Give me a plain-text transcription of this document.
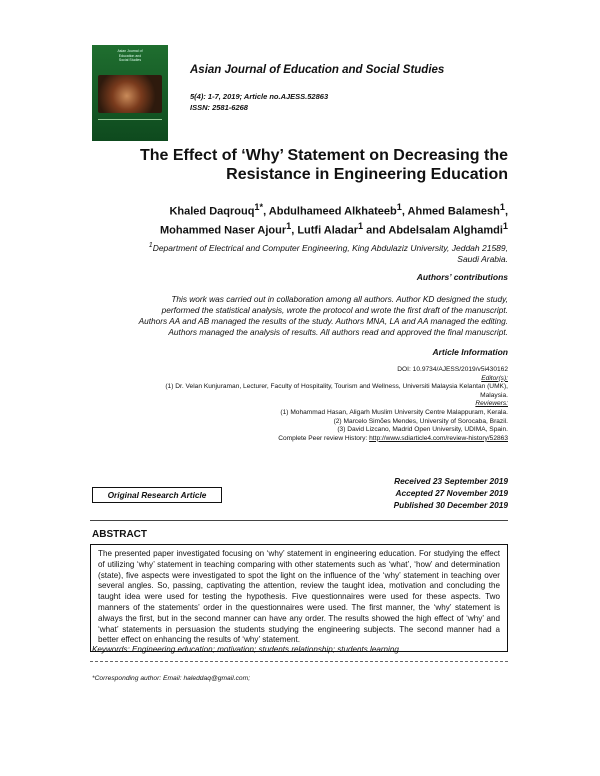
Asian Journal of
Education and
Social Studies
Asian Journal of Education and Social Studies
5(4): 1-7, 2019; Article no.AJESS.52863
ISSN: 2581-6268
The Effect of ‘Why’ Statement on Decreasing the
Resistance in Engineering Education
Khaled Daqrouq$^{1*}$, Abdulhameed Alkhateeb$^1$, Ahmed Balamesh$^1$,
Mohammed Naser Ajour$^1$, Lutfi Aladar$^1$ and Abdelsalam Alghamdi$^1$
$^1$Department of Electrical and Computer Engineering, King Abdulaziz University, Jeddah 21589,
Saudi Arabia.
Authors’ contributions
This work was carried out in collaboration among all authors. Author KD designed the study,
performed the statistical analysis, wrote the protocol and wrote the first draft of the manuscript.
Authors AA and AB managed the results of the study. Authors MNA, LA and AA managed the editing.
Authors managed the analysis of results. All authors read and approved the final manuscript.
Article Information
DOI: 10.9734/AJESS/2019/v5i430162
Editor(s):
(1) Dr. Velan Kunjuraman, Lecturer, Faculty of Hospitality, Tourism and Wellness, Universiti Malaysia Kelantan (UMK),
Malaysia.
Reviewers:
(1) Mohammad Hasan, Aligarh Muslim University Centre Malappuram, Kerala.
(2) Marcelo Simões Mendes, University of Sorocaba, Brazil.
(3) David Lizcano, Madrid Open University, UDIMA, Spain.
Complete Peer review History: http://www.sdiarticle4.com/review-history/52863
Original Research Article
Received 23 September 2019
Accepted 27 November 2019
Published 30 December 2019
ABSTRACT
The presented paper investigated focusing on ‘why’ statement in engineering education. For studying the effect of utilizing ‘why’ statement in teaching comparing with other statements such as ‘what’, ‘how’ and determination (state), five aspects were investigated to spot the light on the influence of the ‘why’ statement in teaching over several angles. So, passing, captivating the attention, review the taught idea, motivation and concluding the taught idea were used for testing the hypothesis. Five questionnaires were used for these aspects. Two manners of the statements’ order in the questionnaires were used. The first manner, the ‘why’ statement is always the first, but in the second manner can have any order. The results showed the high effect of ‘why’ and ‘what’ statements in persuasion the students studying the engineering subjects. The second manner had a better effect on enhancing the results of ‘why’ statement.
Keywords: Engineering education; motivation; students relationship; students learning.
*Corresponding author: Email: haleddaq@gmail.com;
